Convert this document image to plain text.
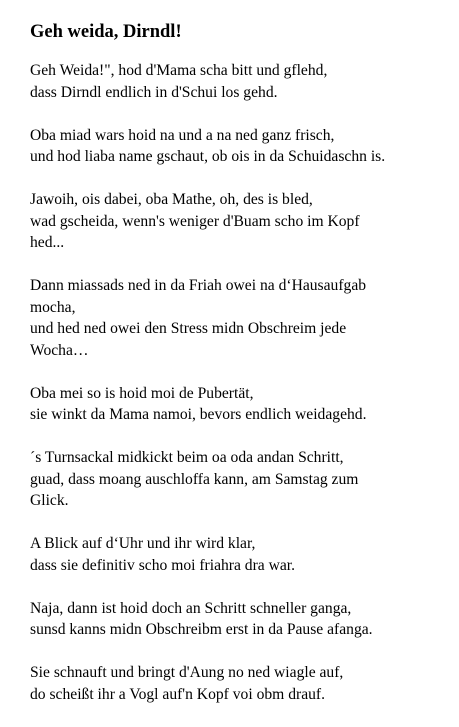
Geh weida, Dirndl!

Geh Weida!", hod d'Mama scha bitt und gflehd,
dass Dirndl endlich in d'Schui los gehd.

Oba miad wars hoid na und a na ned ganz frisch,
und hod liaba name gschaut, ob ois in da Schuidaschn is.

Jawoih, ois dabei, oba Mathe, oh, des is bled,
wad gscheida, wenn's weniger d'Buam scho im Kopf
hed...

Dann miassads ned in da Friah owei na d‘Hausaufgab
mocha,
und hed ned owei den Stress midn Obschreim jede
Wocha…

Oba mei so is hoid moi de Pubertät,
sie winkt da Mama namoi, bevors endlich weidagehd.

´s Turnsackal midkickt beim oa oda andan Schritt,
guad, dass moang auschloffa kann, am Samstag zum
Glick.

A Blick auf d‘Uhr und ihr wird klar,
dass sie definitiv scho moi friahra dra war.

Naja, dann ist hoid doch an Schritt schneller ganga,
sunsd kanns midn Obschreibm erst in da Pause afanga.

Sie schnauft und bringt d'Aung no ned wiagle auf,
do scheißt ihr a Vogl auf'n Kopf voi obm drauf.
